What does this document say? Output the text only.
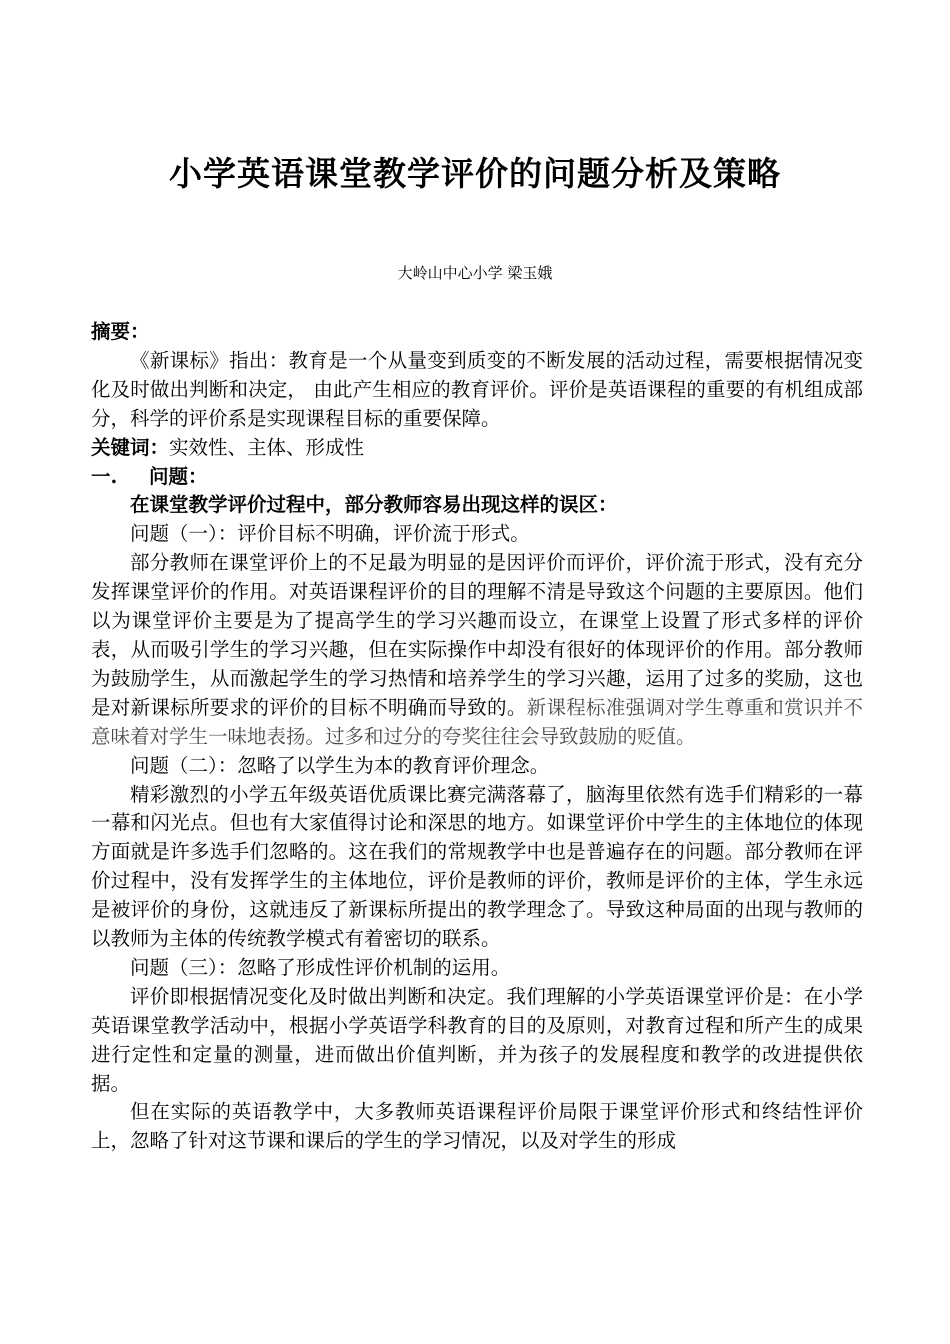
小学英语课堂教学评价的问题分析及策略
大岭山中心小学 梁玉娥

摘要：

《新课标》指出：教育是一个从量变到质变的不断发展的活动过程，需要根据情况变化及时做出判断和决定， 由此产生相应的教育评价。评价是英语课程的重要的有机组成部分，科学的评价系是实现课程目标的重要保障。

关键词：实效性、主体、形成性

一. 问题：

在课堂教学评价过程中，部分教师容易出现这样的误区：

问题（一）：评价目标不明确，评价流于形式。

部分教师在课堂评价上的不足最为明显的是因评价而评价，评价流于形式，没有充分发挥课堂评价的作用。对英语课程评价的目的理解不清是导致这个问题的主要原因。他们以为课堂评价主要是为了提高学生的学习兴趣而设立，在课堂上设置了形式多样的评价表，从而吸引学生的学习兴趣，但在实际操作中却没有很好的体现评价的作用。部分教师为鼓励学生，从而激起学生的学习热情和培养学生的学习兴趣，运用了过多的奖励，这也是对新课标所要求的评价的目标不明确而导致的。新课程标准强调对学生尊重和赏识并不意味着对学生一味地表扬。过多和过分的夸奖往往会导致鼓励的贬值。

问题（二）：忽略了以学生为本的教育评价理念。

精彩激烈的小学五年级英语优质课比赛完满落幕了，脑海里依然有选手们精彩的一幕一幕和闪光点。但也有大家值得讨论和深思的地方。如课堂评价中学生的主体地位的体现方面就是许多选手们忽略的。这在我们的常规教学中也是普遍存在的问题。部分教师在评价过程中，没有发挥学生的主体地位，评价是教师的评价，教师是评价的主体，学生永远是被评价的身份，这就违反了新课标所提出的教学理念了。导致这种局面的出现与教师的以教师为主体的传统教学模式有着密切的联系。

问题（三）：忽略了形成性评价机制的运用。

评价即根据情况变化及时做出判断和决定。我们理解的小学英语课堂评价是：在小学英语课堂教学活动中，根据小学英语学科教育的目的及原则，对教育过程和所产生的成果进行定性和定量的测量，进而做出价值判断，并为孩子的发展程度和教学的改进提供依据。

但在实际的英语教学中，大多教师英语课程评价局限于课堂评价形式和终结性评价上，忽略了针对这节课和课后的学生的学习情况，以及对学生的形成
